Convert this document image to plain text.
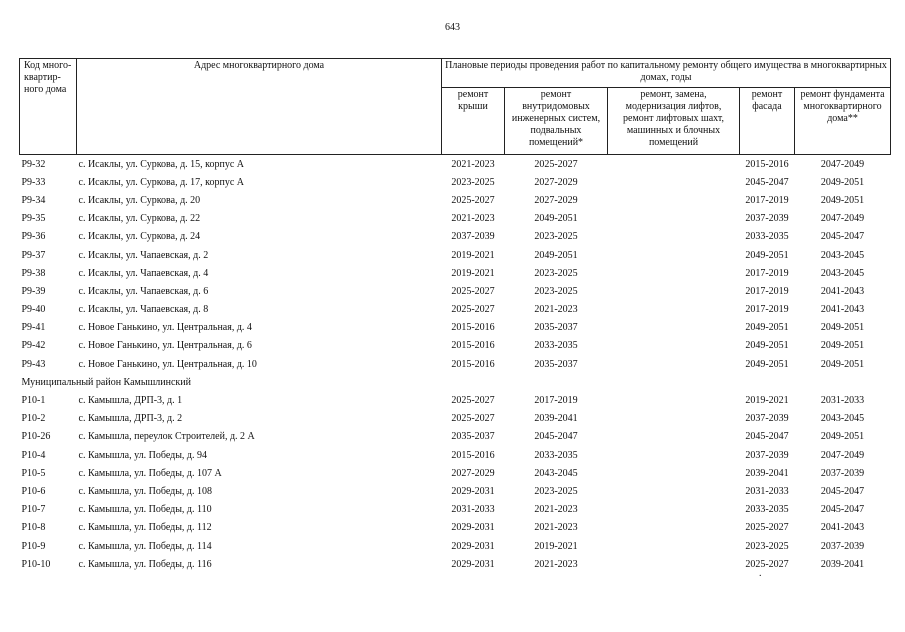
643
Код много-квартир-ного дома	Адрес многоквартирного дома	Плановые периоды проведения работ по капитальному ремонту общего имущества в многоквартирных домах, годы				
		ремонт крыши	ремонт внутридомовых инженерных систем, подвальных помещений*	ремонт, замена, модернизация лифтов, ремонт лифтовых шахт, машинных и блочных помещений	ремонт фасада	ремонт фундамента многоквартирного дома**
Р9-32	с. Исаклы, ул. Суркова, д. 15, корпус А	2021-2023	2025-2027		2015-2016	2047-2049
Р9-33	с. Исаклы, ул. Суркова, д. 17, корпус А	2023-2025	2027-2029		2045-2047	2049-2051
Р9-34	с. Исаклы, ул. Суркова, д. 20	2025-2027	2027-2029		2017-2019	2049-2051
Р9-35	с. Исаклы, ул. Суркова, д. 22	2021-2023	2049-2051		2037-2039	2047-2049
Р9-36	с. Исаклы, ул. Суркова, д. 24	2037-2039	2023-2025		2033-2035	2045-2047
Р9-37	с. Исаклы, ул. Чапаевская, д. 2	2019-2021	2049-2051		2049-2051	2043-2045
Р9-38	с. Исаклы, ул. Чапаевская, д. 4	2019-2021	2023-2025		2017-2019	2043-2045
Р9-39	с. Исаклы, ул. Чапаевская, д. 6	2025-2027	2023-2025		2017-2019	2041-2043
Р9-40	с. Исаклы, ул. Чапаевская, д. 8	2025-2027	2021-2023		2017-2019	2041-2043
Р9-41	с. Новое Ганькино, ул. Центральная, д. 4	2015-2016	2035-2037		2049-2051	2049-2051
Р9-42	с. Новое Ганькино, ул. Центральная, д. 6	2015-2016	2033-2035		2049-2051	2049-2051
Р9-43	с. Новое Ганькино, ул. Центральная, д. 10	2015-2016	2035-2037		2049-2051	2049-2051
Муниципальный район Камышлинский						
Р10-1	с. Камышла, ДРП-3, д. 1	2025-2027	2017-2019		2019-2021	2031-2033
Р10-2	с. Камышла, ДРП-3, д. 2	2025-2027	2039-2041		2037-2039	2043-2045
Р10-26	с. Камышла, переулок Строителей, д. 2 А	2035-2037	2045-2047		2045-2047	2049-2051
Р10-4	с. Камышла, ул. Победы, д. 94	2015-2016	2033-2035		2037-2039	2047-2049
Р10-5	с. Камышла, ул. Победы, д. 107 А	2027-2029	2043-2045		2039-2041	2037-2039
Р10-6	с. Камышла, ул. Победы, д. 108	2029-2031	2023-2025		2031-2033	2045-2047
Р10-7	с. Камышла, ул. Победы, д. 110	2031-2033	2021-2023		2033-2035	2045-2047
Р10-8	с. Камышла, ул. Победы, д. 112	2029-2031	2021-2023		2025-2027	2041-2043
Р10-9	с. Камышла, ул. Победы, д. 114	2029-2031	2019-2021		2023-2025	2037-2039
Р10-10	с. Камышла, ул. Победы, д. 116	2029-2031	2021-2023		2025-2027	2039-2041
.
